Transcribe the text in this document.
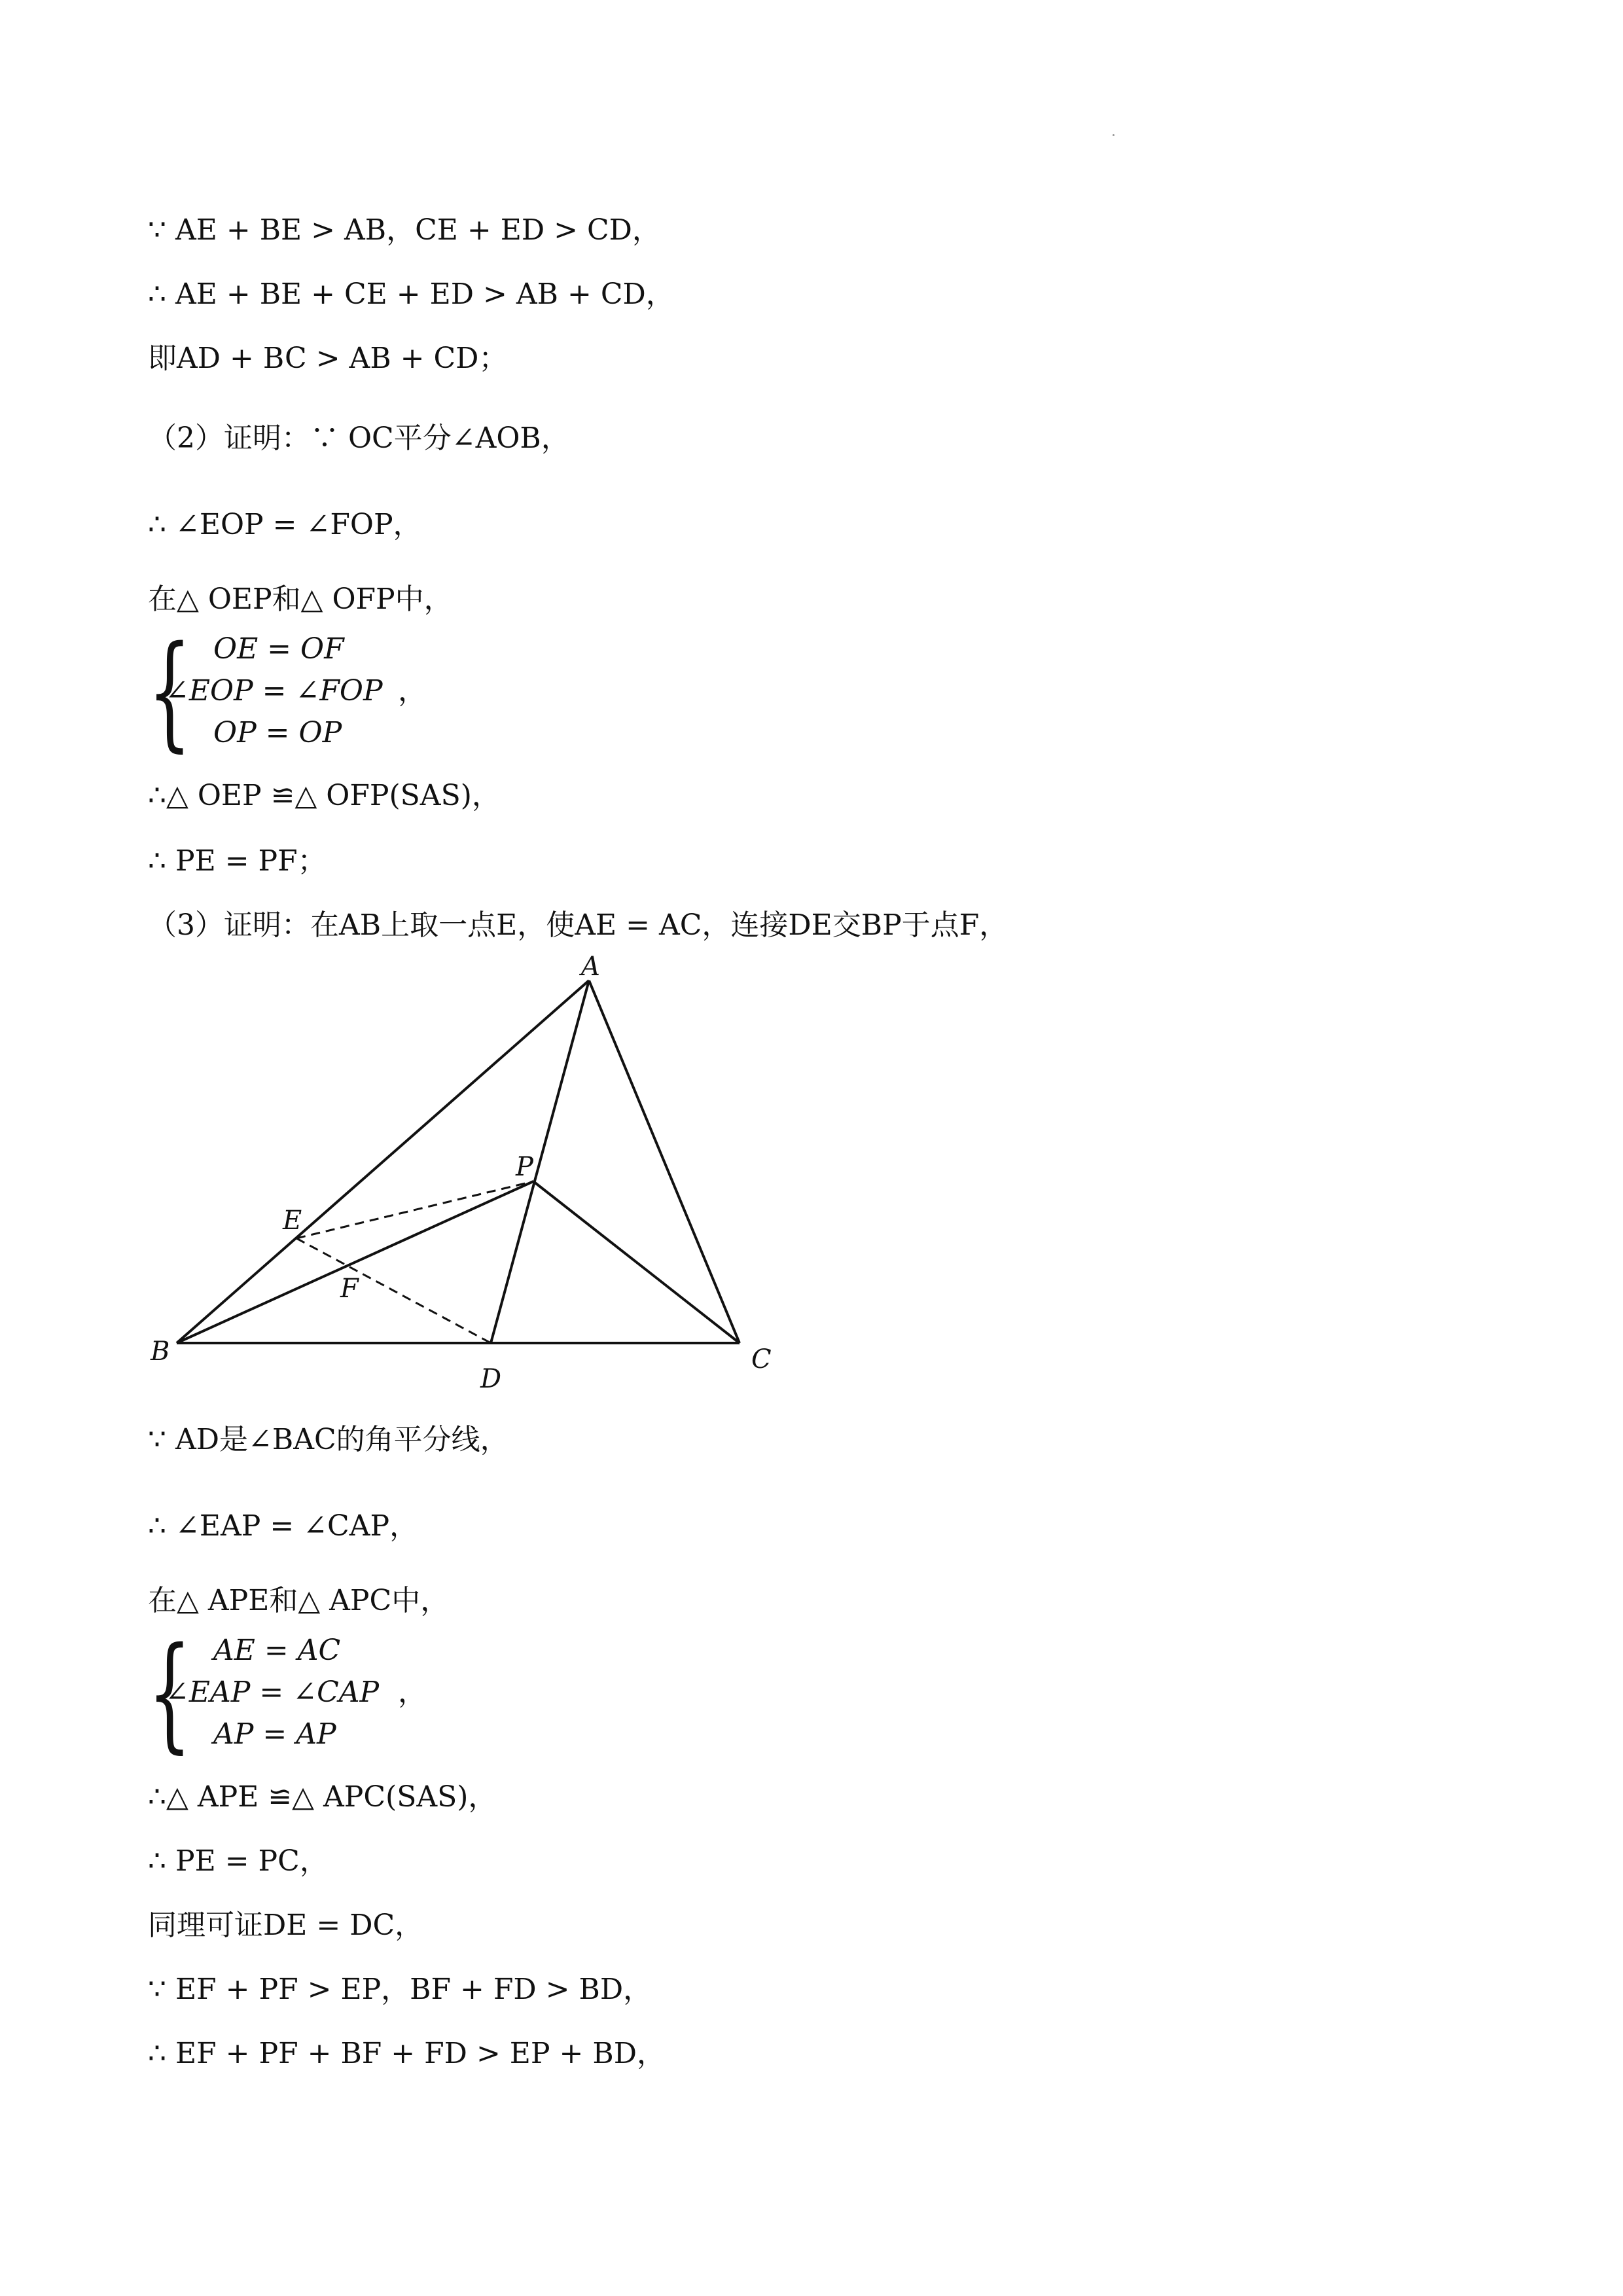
∵ AE + BE > AB，CE + ED > CD，
∴ AE + BE + CE + ED > AB + CD，
即AD + BC > AB + CD；
（2）证明：∵ OC平分∠AOB，
∴ ∠EOP = ∠FOP，
在△ OEP和△ OFP中，
{ OE = OF
∠EOP = ∠FOP ，
OP = OP
∴△ OEP ≌△ OFP(SAS)，
∴ PE = PF；
（3）证明：在AB上取一点E，使AE = AC，连接DE交BP于点F，
A
B	C
D
E
F
P
∵ AD是∠BAC的角平分线，
∴ ∠EAP = ∠CAP，
在△ APE和△ APC中，
{ AE = AC
∠EAP = ∠CAP ，
AP = AP
∴△ APE ≌△ APC(SAS)，
∴ PE = PC，
同理可证DE = DC，
∵ EF + PF > EP，BF + FD > BD，
∴ EF + PF + BF + FD > EP + BD，
